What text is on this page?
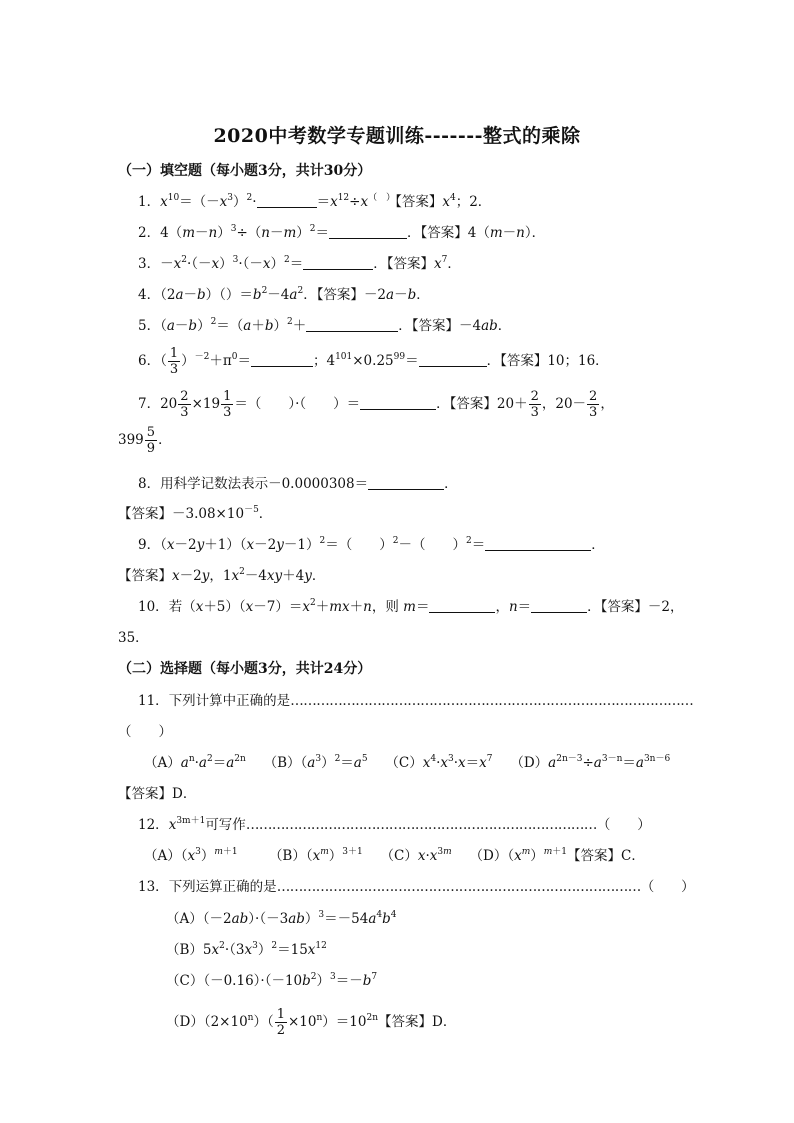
2020中考数学专题训练-------整式的乘除
（一）填空题（每小题3分，共计30分）
1．$x^{10}=(-x^3)^2\cdot$	$=x^{12}\div x^{( )}$【答案】$x^4$；2．
2．$4(m-n)^3\div(n-m)^2=$	．【答案】4（m－n）．
3．$-x^2\cdot(-x)^3\cdot(-x)^2=$	．【答案】$x^7$．
4．$(2a-b)()=b^2-4a^2$．【答案】－2a－b．
5．$(a-b)^2=(a+b)^2+$	．【答案】－4ab．
6．（ $\frac{1}{3} )^{-2}+\pi^0=$	；$4^{101}\times 0.25^{99}=$	．【答案】10；16．
7．$20 \frac{2}{3} \times 19 \frac{1}{3}$ ＝（　　）·（　　）＝	．【答案】$20+ \frac{2}{3}$ ，$20- \frac{2}{3}$ ，
$399 \frac{5}{9}$ ．
8．用科学记数法表示－0.0000308＝	．
【答案】$-3.08\times 10^{-5}$．
9．$(x-2y+1)(x-2y-1)^2=$（　　）$^2$－（　　）$^2$＝	．
【答案】x－2y，$1x^2-4xy+4y$．
10．若$(x+5)(x-7)=x^2+mx+n$，则 m＝	，n＝	．【答案】－2，
35．
（二）选择题（每小题3分，共计24分）
11．下列计算中正确的是…………………………………………………………………………………
（　　）
$(A)a^n\cdot a^2=a^{2n}$　 $(B)(a^3)^2=a^5$　 $(C)x^4\cdot x^3\cdot x=x^7$　 $(D)a^{2n-3}\div a^{3-n}=a^{3n-6}$
【答案】D．
12．$x^{3m+1}$可写作………………………………………………………………………（　　）
$(A)(x^3)^{m+1}$　　 $(B)(x^m)^{3+1}$　 $(C)x\cdot x^{3m}$　 $(D)(x^m)^{m+1}$【答案】C．
13．下列运算正确的是…………………………………………………………………………（　　）
$(A)(-2ab)\cdot(-3ab)^3=-54a^4b^4$
$(B)5x^2\cdot(3x^3)^2=15x^{12}$
$(C)(-0.16)\cdot(-10b^2)^3=-b^7$
$(D)(2\times 10^n)( \frac{1}{2} \times 10^n)=10^{2n}$【答案】D．
